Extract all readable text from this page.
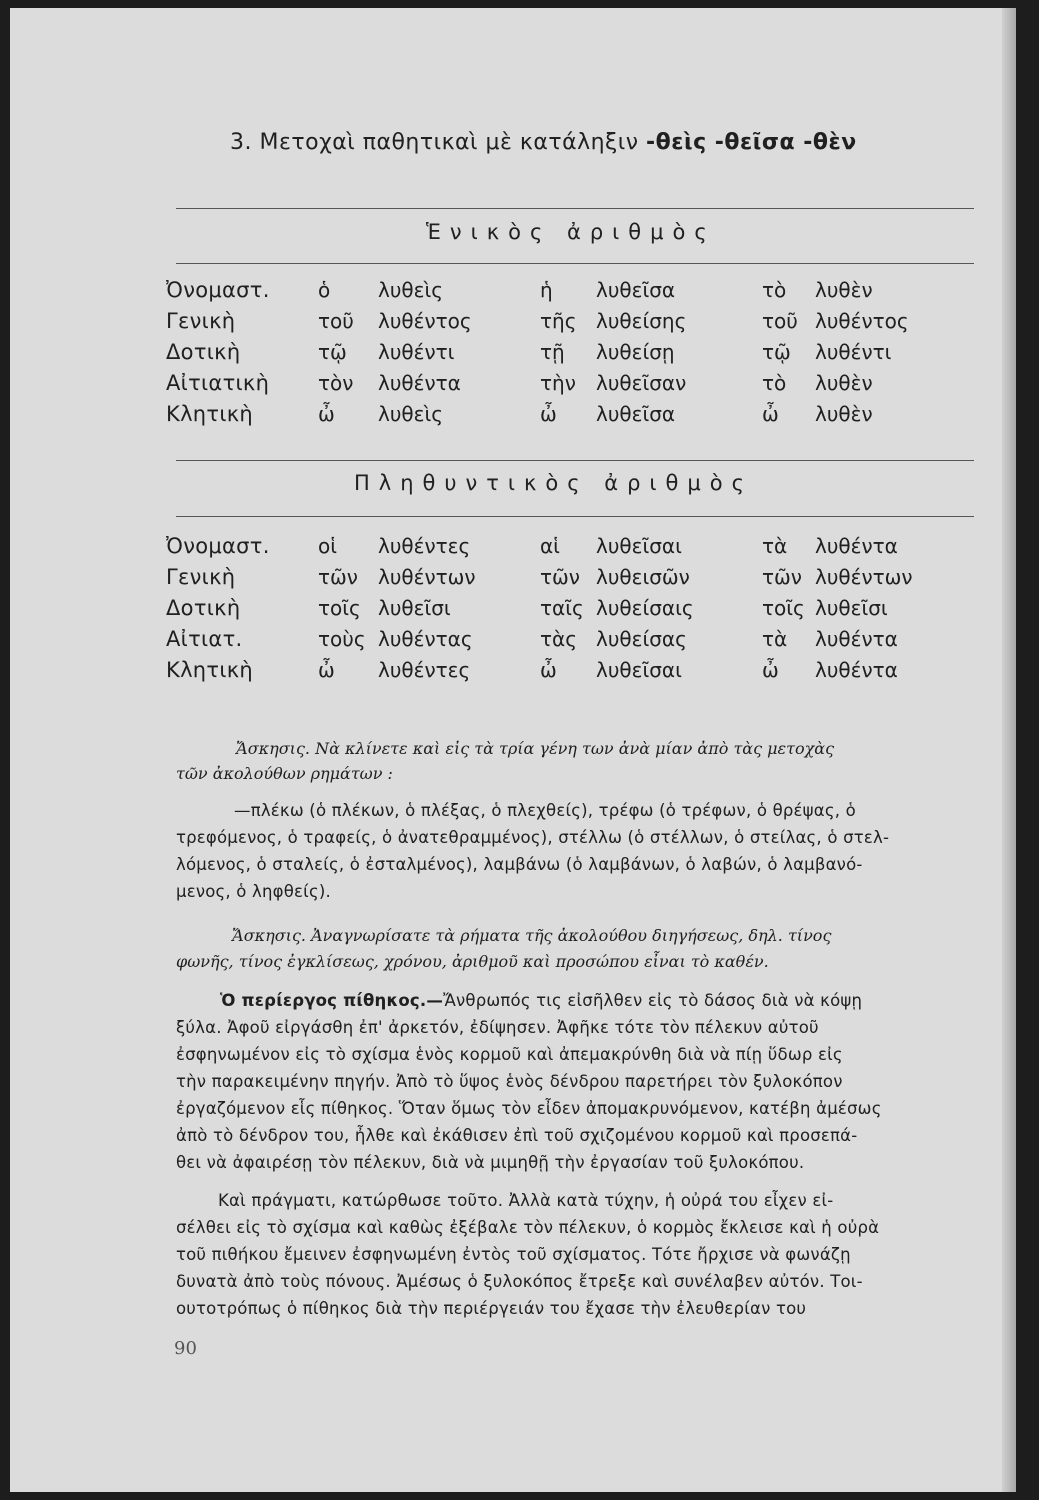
3. Μετοχαὶ παθητικαὶ μὲ κατάληξιν -θεὶς -θεῖσα -θὲν
Ἑνικὸς ἀριθμὸς
Ὀνομαστ. ὁ λυθεὶς	ἡ λυθεῖσα	τὸ λυθὲν
Γενικὴ	τοῦ λυθέντος	τῆς λυθείσης	τοῦ λυθέντος
Δοτικὴ	τῷ λυθέντι	τῇ λυθείσῃ	τῷ λυθέντι
Αἰτιατικὴ τὸν λυθέντα	τὴν λυθεῖσαν	τὸ λυθὲν
Κλητικὴ	ὦ λυθεὶς	ὦ λυθεῖσα	ὦ λυθὲν
Πληθυντικὸς ἀριθμὸς
Ὀνομαστ. οἱ λυθέντες	αἱ λυθεῖσαι	τὰ λυθέντα
Γενικὴ	τῶν λυθέντων	τῶν λυθεισῶν	τῶν λυθέντων
Δοτικὴ	τοῖς λυθεῖσι	ταῖς λυθείσαις	τοῖς λυθεῖσι
Αἰτιατ.	τοὺς λυθέντας	τὰς λυθείσας	τὰ λυθέντα
Κλητικὴ	ὦ λυθέντες	ὦ λυθεῖσαι	ὦ λυθέντα
Ἄσκησις. Νὰ κλίνετε καὶ εἰς τὰ τρία γένη των ἀνὰ μίαν ἀπὸ τὰς μετοχὰς
τῶν ἀκολούθων ρημάτων :
—πλέκω (ὁ πλέκων, ὁ πλέξας, ὁ πλεχθείς), τρέφω (ὁ τρέφων, ὁ θρέψας, ὁ
τρεφόμενος, ὁ τραφείς, ὁ ἀνατεθραμμένος), στέλλω (ὁ στέλλων, ὁ στείλας, ὁ στελ-
λόμενος, ὁ σταλείς, ὁ ἐσταλμένος), λαμβάνω (ὁ λαμβάνων, ὁ λαβών, ὁ λαμβανό-
μενος, ὁ ληφθείς).
Ἄσκησις. Ἀναγνωρίσατε τὰ ρήματα τῆς ἀκολούθου διηγήσεως, δηλ. τίνος
φωνῆς, τίνος ἐγκλίσεως, χρόνου, ἀριθμοῦ καὶ προσώπου εἶναι τὸ καθέν.
Ὁ περίεργος πίθηκος.—Ἄνθρωπός τις εἰσῆλθεν εἰς τὸ δάσος διὰ νὰ κόψῃ
ξύλα. Ἀφοῦ εἰργάσθη ἐπ' ἀρκετόν, ἐδίψησεν. Ἀφῆκε τότε τὸν πέλεκυν αὐτοῦ
ἐσφηνωμένον εἰς τὸ σχίσμα ἑνὸς κορμοῦ καὶ ἀπεμακρύνθη διὰ νὰ πίῃ ὕδωρ εἰς
τὴν παρακειμένην πηγήν. Ἀπὸ τὸ ὕψος ἑνὸς δένδρου παρετήρει τὸν ξυλοκόπον
ἐργαζόμενον εἷς πίθηκος. Ὅταν ὅμως τὸν εἶδεν ἀπομακρυνόμενον, κατέβη ἀμέσως
ἀπὸ τὸ δένδρον του, ἦλθε καὶ ἐκάθισεν ἐπὶ τοῦ σχιζομένου κορμοῦ καὶ προσεπά-
θει νὰ ἀφαιρέσῃ τὸν πέλεκυν, διὰ νὰ μιμηθῇ τὴν ἐργασίαν τοῦ ξυλοκόπου.
Καὶ πράγματι, κατώρθωσε τοῦτο. Ἀλλὰ κατὰ τύχην, ἡ οὐρά του εἶχεν εἰ-
σέλθει εἰς τὸ σχίσμα καὶ καθὼς ἐξέβαλε τὸν πέλεκυν, ὁ κορμὸς ἔκλεισε καὶ ἡ οὐρὰ
τοῦ πιθήκου ἔμεινεν ἐσφηνωμένη ἐντὸς τοῦ σχίσματος. Τότε ἤρχισε νὰ φωνάζῃ
δυνατὰ ἀπὸ τοὺς πόνους. Ἀμέσως ὁ ξυλοκόπος ἔτρεξε καὶ συνέλαβεν αὐτόν. Τοι-
ουτοτρόπως ὁ πίθηκος διὰ τὴν περιέργειάν του ἔχασε τὴν ἐλευθερίαν του
90
